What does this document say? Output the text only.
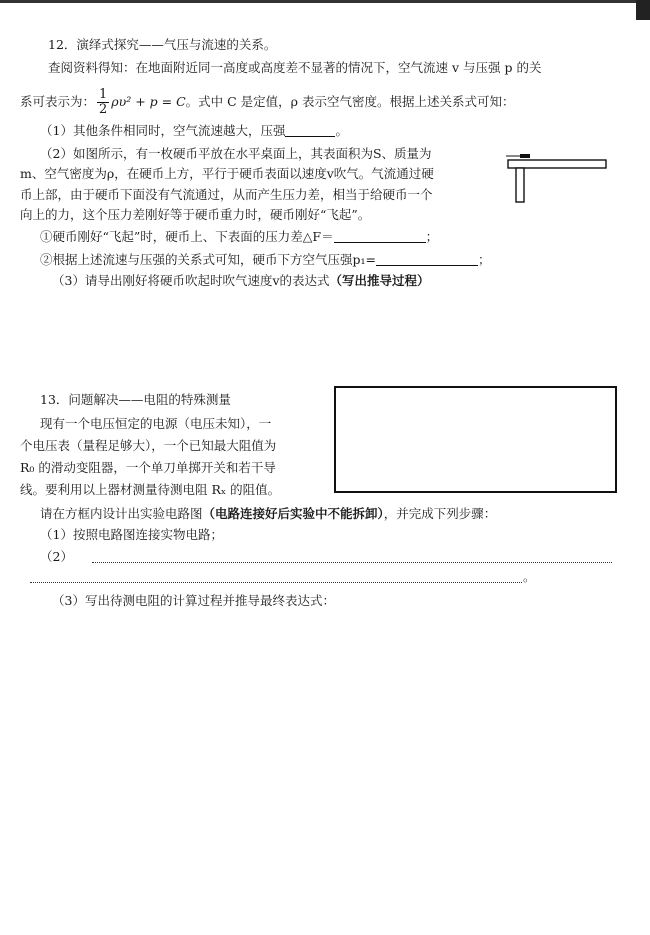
12．演绎式探究——气压与流速的关系。
查阅资料得知：在地面附近同一高度或高度差不显著的情况下，空气流速 v 与压强 p 的关
系可表示为： $\frac{1}{2} \rho\upsilon^2 + p = C$。式中 C 是定值，ρ 表示空气密度。根据上述关系式可知：
（1）其他条件相同时，空气流速越大，压强	。
（2）如图所示，有一枚硬币平放在水平桌面上，其表面积为S、质量为
m、空气密度为ρ，在硬币上方，平行于硬币表面以速度v吹气。气流通过硬
币上部，由于硬币下面没有气流通过，从而产生压力差，相当于给硬币一个
向上的力，这个压力差刚好等于硬币重力时，硬币刚好“飞起”。
①硬币刚好“飞起”时，硬币上、下表面的压力差△F＝	；
②根据上述流速与压强的关系式可知，硬币下方空气压强p₁=	；
（3）请导出刚好将硬币吹起时吹气速度v的表达式（写出推导过程）
13．问题解决——电阻的特殊测量
现有一个电压恒定的电源（电压未知），一
个电压表（量程足够大），一个已知最大阻值为
R₀ 的滑动变阻器，一个单刀单掷开关和若干导
线。要利用以上器材测量待测电阻 Rₓ 的阻值。
请在方框内设计出实验电路图（电路连接好后实验中不能拆卸），并完成下列步骤：
（1）按照电路图连接实物电路；
（2）
。
（3）写出待测电阻的计算过程并推导最终表达式：
